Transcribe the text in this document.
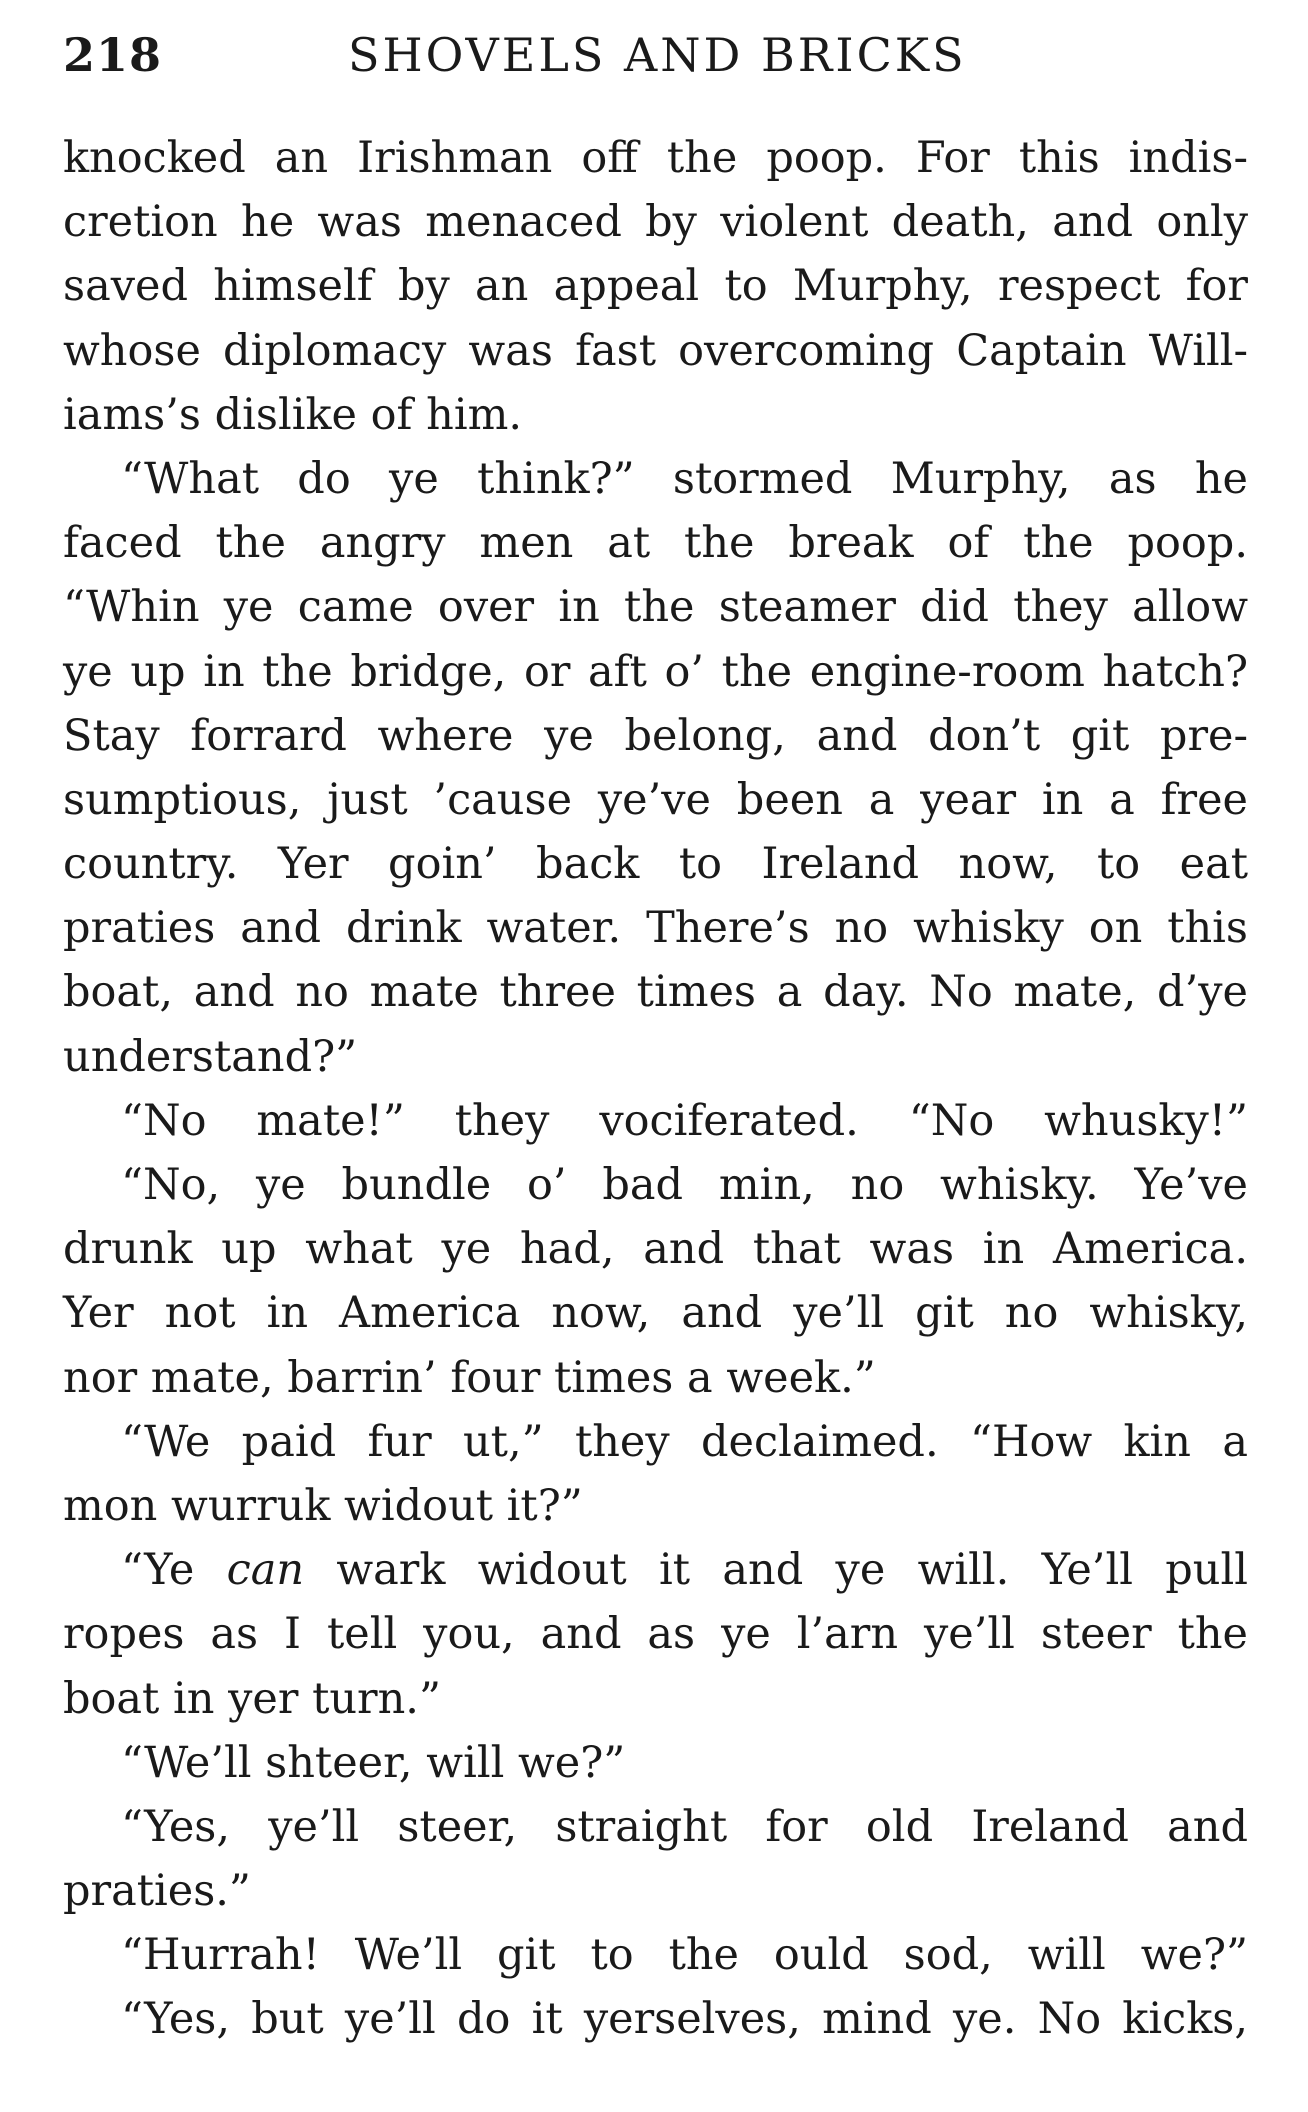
218	SHOVELS AND BRICKS
knocked an Irishman off the poop. For this indis-
cretion he was menaced by violent death, and only
saved himself by an appeal to Murphy, respect for
whose diplomacy was fast overcoming Captain Will-
iams’s dislike of him.
“What do ye think?” stormed Murphy, as he
faced the angry men at the break of the poop.
“Whin ye came over in the steamer did they allow
ye up in the bridge, or aft o’ the engine-room hatch?
Stay forrard where ye belong, and don’t git pre-
sumptious, just ’cause ye’ve been a year in a free
country. Yer goin’ back to Ireland now, to eat
praties and drink water. There’s no whisky on this
boat, and no mate three times a day. No mate, d’ye
understand?”
“No mate!” they vociferated. “No whusky!”
“No, ye bundle o’ bad min, no whisky. Ye’ve
drunk up what ye had, and that was in America.
Yer not in America now, and ye’ll git no whisky,
nor mate, barrin’ four times a week.”
“We paid fur ut,” they declaimed. “How kin a
mon wurruk widout it?”
“Ye can wark widout it and ye will. Ye’ll pull
ropes as I tell you, and as ye l’arn ye’ll steer the
boat in yer turn.”
“We’ll shteer, will we?”
“Yes, ye’ll steer, straight for old Ireland and
praties.”
“Hurrah! We’ll git to the ould sod, will we?”
“Yes, but ye’ll do it yerselves, mind ye. No kicks,
